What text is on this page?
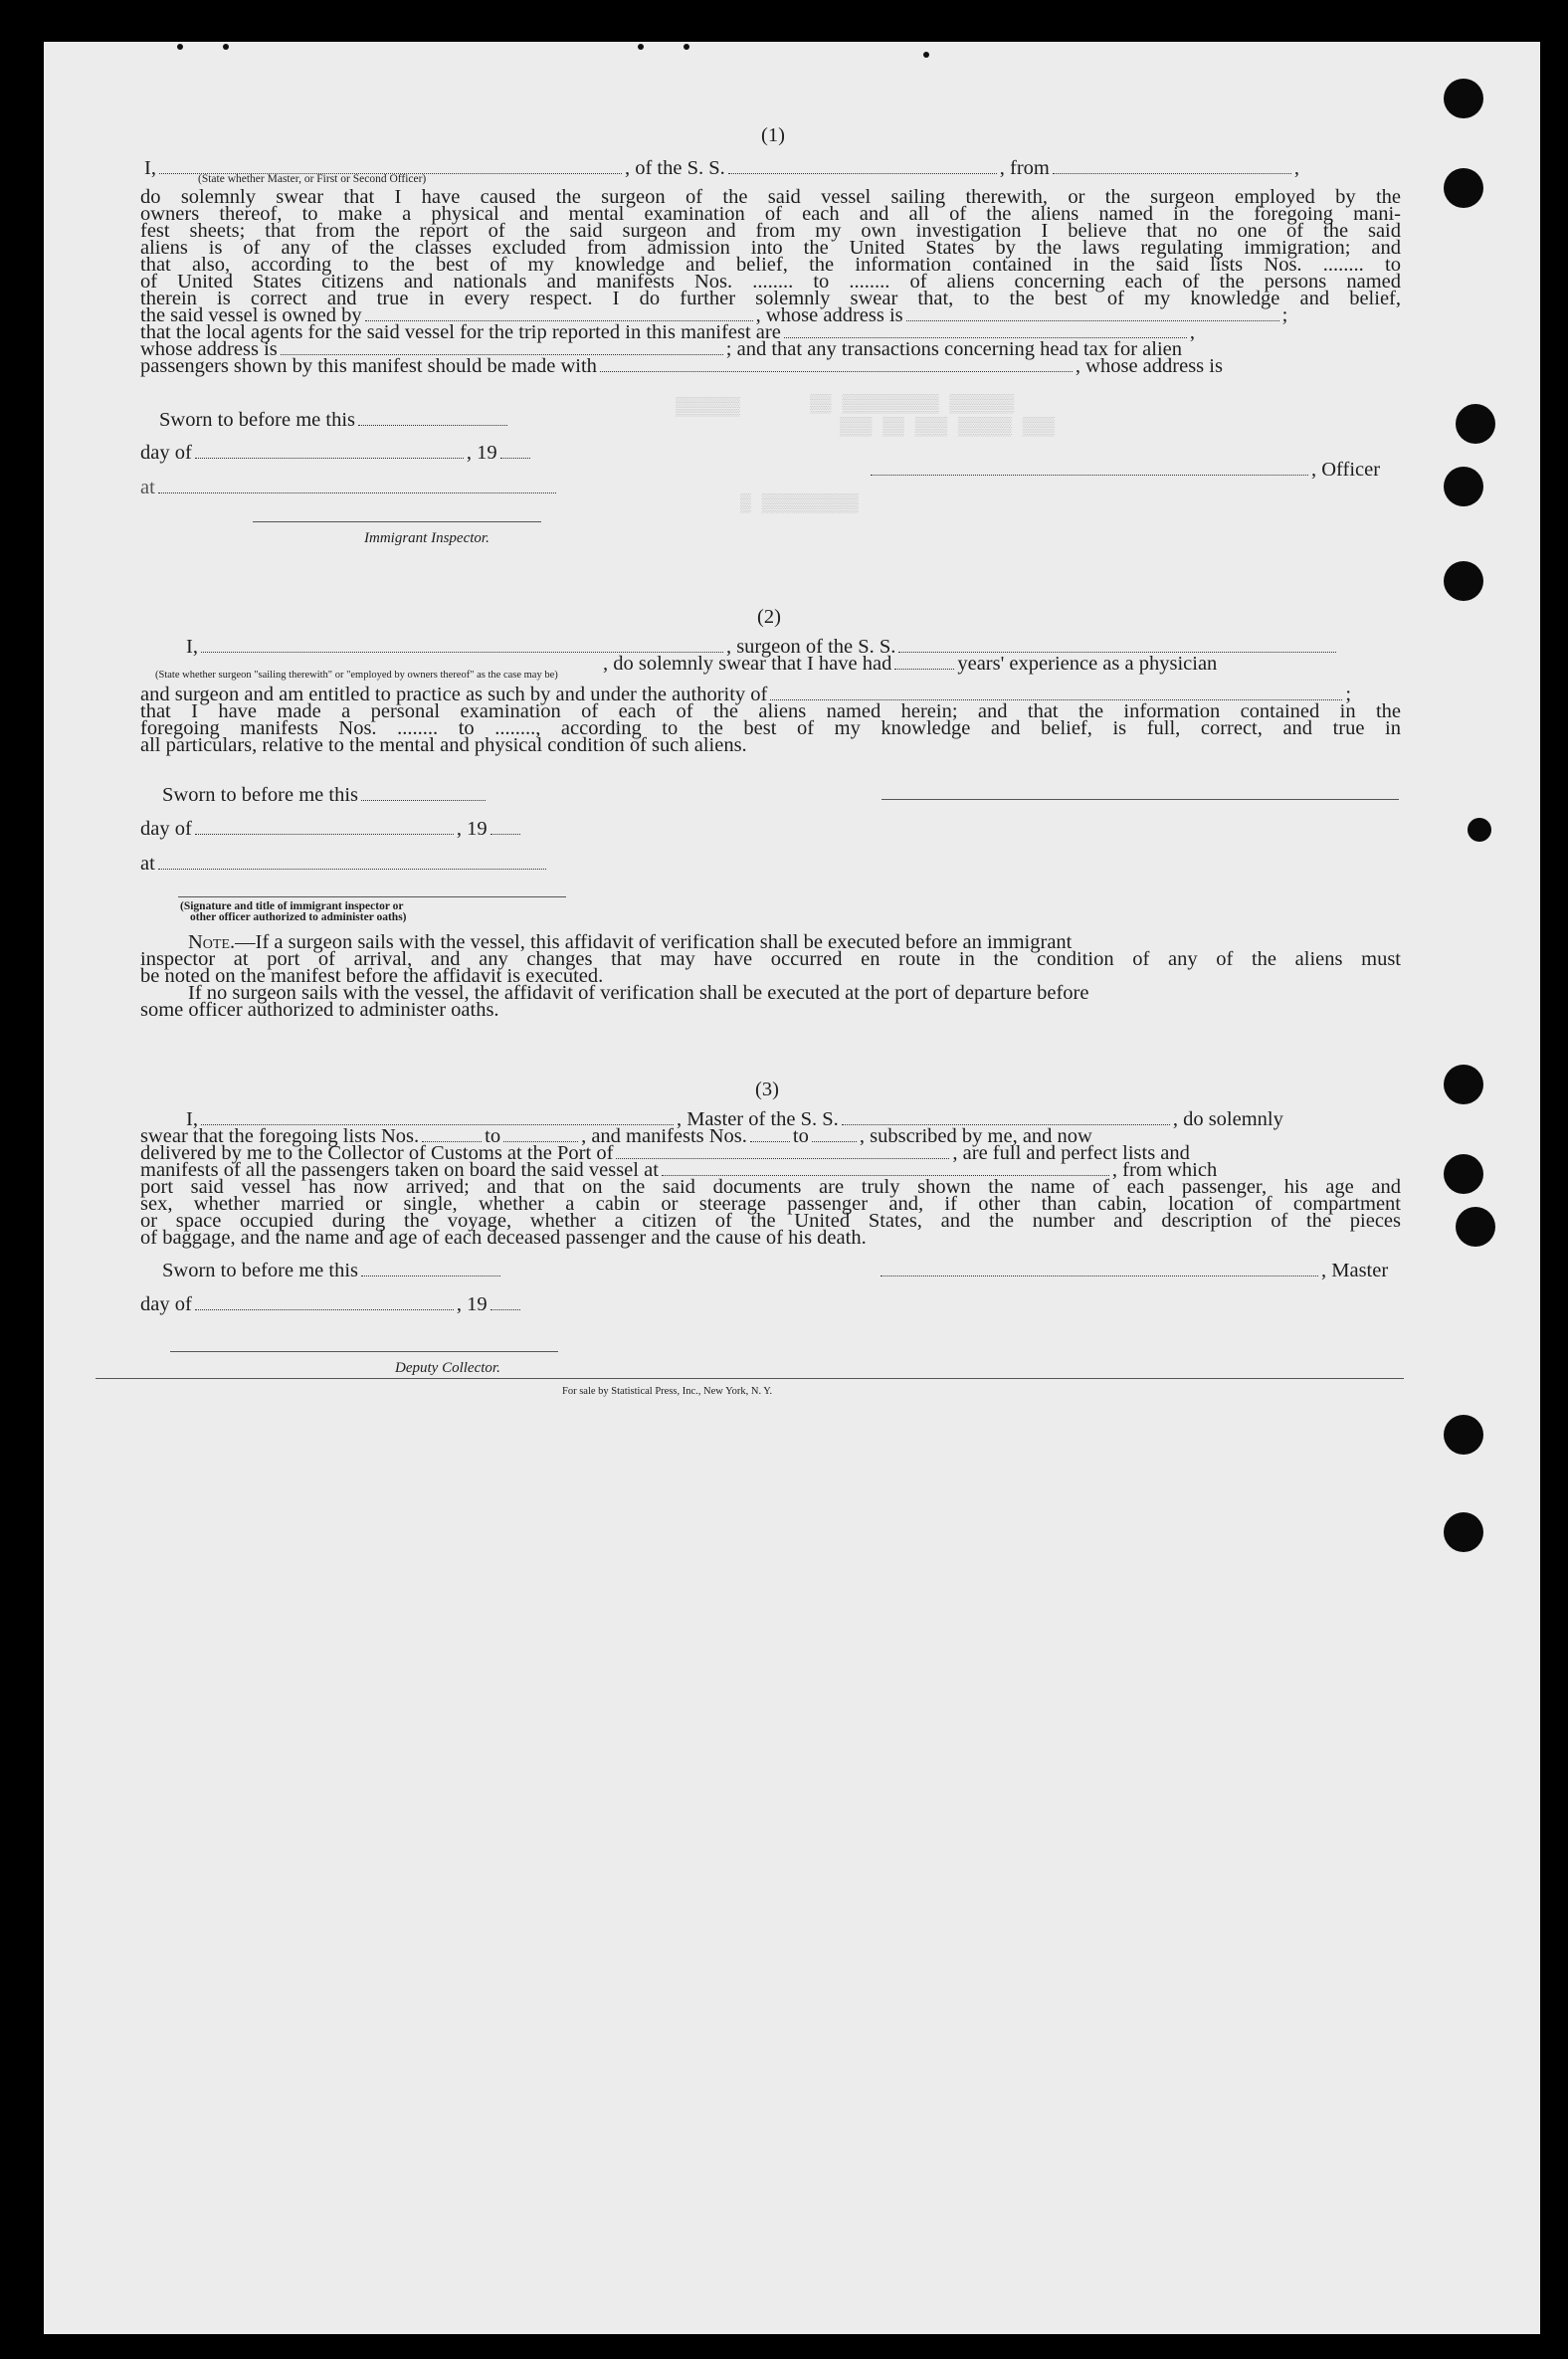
(1)
I,	, of the S. S.	, from	,
(State whether Master, or First or Second Officer)
do solemnly swear that I have caused the surgeon of the said vessel sailing therewith, or the surgeon employed by the
owners thereof, to make a physical and mental examination of each and all of the aliens named in the foregoing mani-
fest sheets; that from the report of the said surgeon and from my own investigation I believe that no one of the said
aliens is of any of the classes excluded from admission into the United States by the laws regulating immigration; and
that also, according to the best of my knowledge and belief, the information contained in the said lists Nos. ........ to
of United States citizens and nationals and manifests Nos. ........ to ........ of aliens concerning each of the persons named
therein is correct and true in every respect. I do further solemnly swear that, to the best of my knowledge and belief,
the said vessel is owned by	, whose address is	;
that the local agents for the said vessel for the trip reported in this manifest are	,
whose address is	; and that any transactions concerning head tax for alien
passengers shown by this manifest should be made with	, whose address is
Sworn to before me this
day of	, 19
at
, Officer
Immigrant Inspector.
▒▒ ▒▒▒▒▒▒▒▒▒ ▒▒▒▒▒▒
▒▒▒▒▒▒
▒▒▒ ▒▒ ▒▒▒ ▒▒▒▒▒ ▒▒▒
▒ ▒▒▒▒▒▒▒▒▒
(2)
I,	, surgeon of the S. S.
, do solemnly swear that I have had	years' experience as a physician
(State whether surgeon "sailing therewith" or "employed by owners thereof" as the case may be)
and surgeon and am entitled to practice as such by and under the authority of	;
that I have made a personal examination of each of the aliens named herein; and that the information contained in the
foregoing manifests Nos. ........ to ........, according to the best of my knowledge and belief, is full, correct, and true in
all particulars, relative to the mental and physical condition of such aliens.
Sworn to before me this
day of	, 19
at
(Signature and title of immigrant inspector or
other officer authorized to administer oaths)
Note.—If a surgeon sails with the vessel, this affidavit of verification shall be executed before an immigrant
inspector at port of arrival, and any changes that may have occurred en route in the condition of any of the aliens must
be noted on the manifest before the affidavit is executed.
If no surgeon sails with the vessel, the affidavit of verification shall be executed at the port of departure before
some officer authorized to administer oaths.
(3)
I,	, Master of the S. S.	, do solemnly
swear that the foregoing lists Nos.	to	, and manifests Nos. to , subscribed by me, and now
delivered by me to the Collector of Customs at the Port of	, are full and perfect lists and
manifests of all the passengers taken on board the said vessel at	, from which
port said vessel has now arrived; and that on the said documents are truly shown the name of each passenger, his age and
sex, whether married or single, whether a cabin or steerage passenger and, if other than cabin, location of compartment
or space occupied during the voyage, whether a citizen of the United States, and the number and description of the pieces
of baggage, and the name and age of each deceased passenger and the cause of his death.
Sworn to before me this	, Master
day of	, 19
Deputy Collector.
For sale by Statistical Press, Inc., New York, N. Y.
